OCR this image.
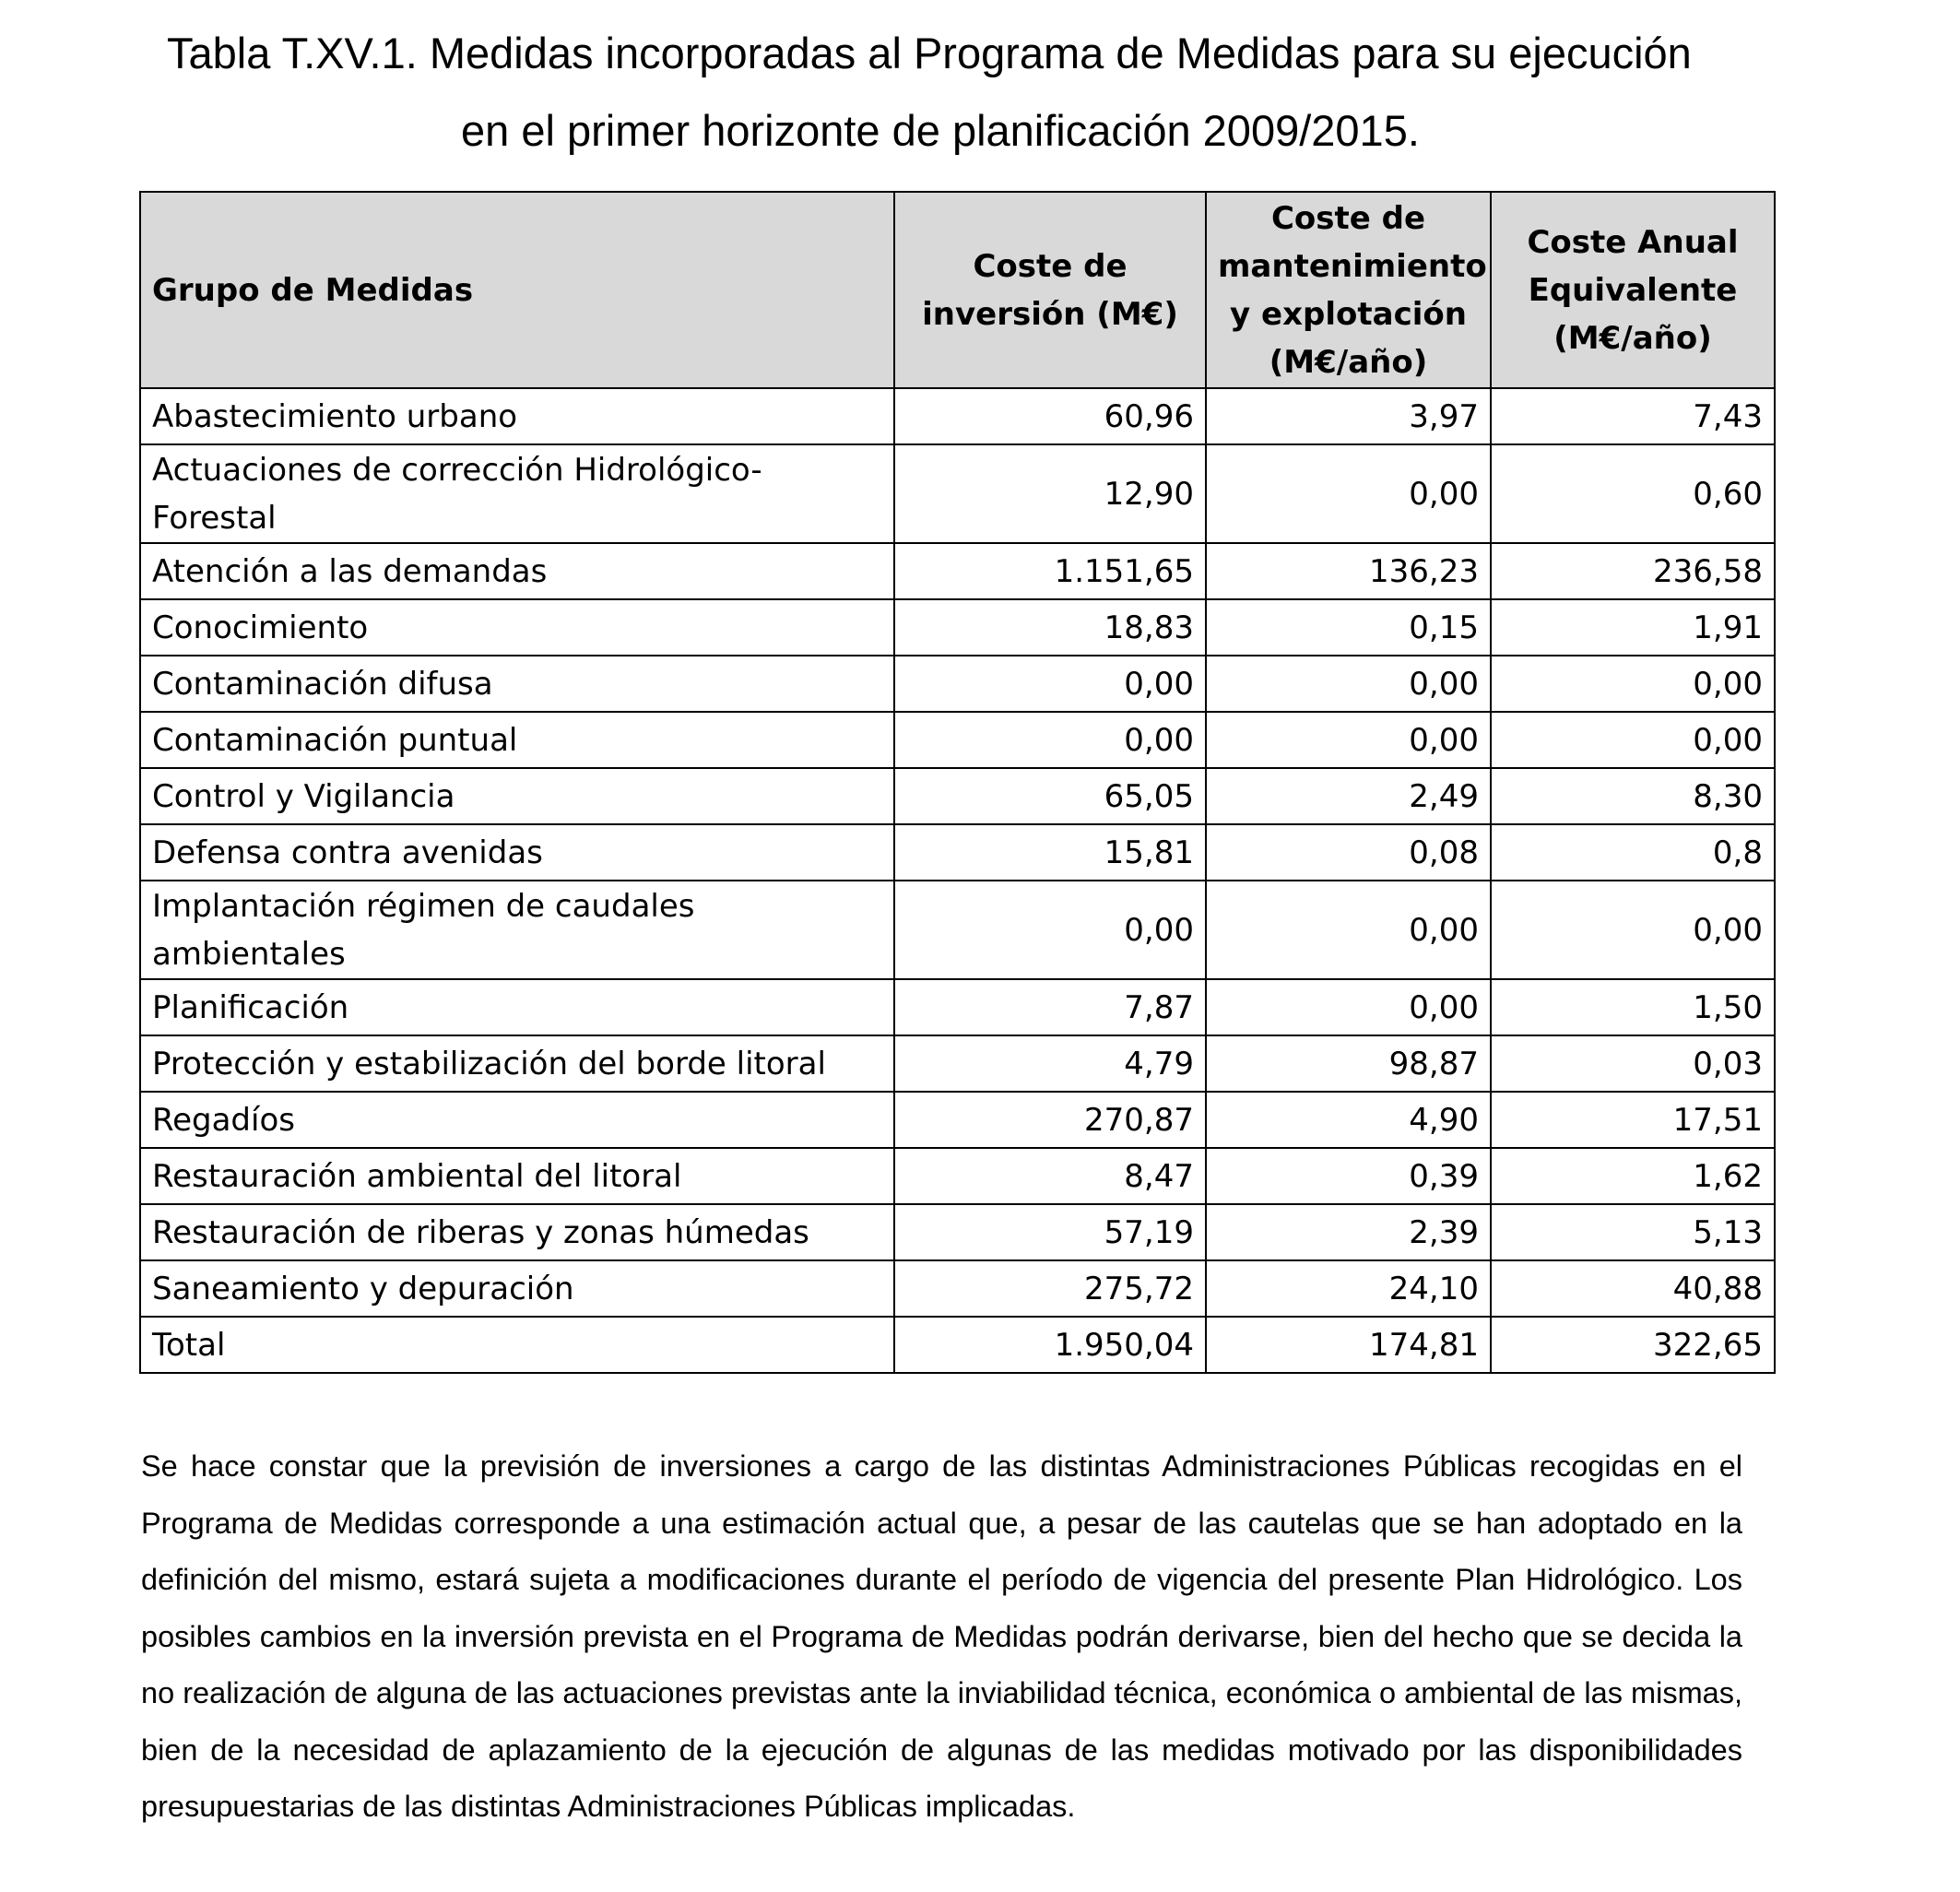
Tabla T.XV.1. Medidas incorporadas al Programa de Medidas para su ejecución
en el primer horizonte de planificación 2009/2015.
Grupo de Medidas	Coste de inversión (M€)	Coste de mantenimiento y explotación (M€/año)	Coste Anual Equivalente (M€/año)
Abastecimiento urbano	60,96	3,97	7,43
Actuaciones de corrección Hidrológico-Forestal	12,90	0,00	0,60
Atención a las demandas	1.151,65	136,23	236,58
Conocimiento	18,83	0,15	1,91
Contaminación difusa	0,00	0,00	0,00
Contaminación puntual	0,00	0,00	0,00
Control y Vigilancia	65,05	2,49	8,30
Defensa contra avenidas	15,81	0,08	0,8
Implantación régimen de caudales ambientales	0,00	0,00	0,00
Planificación	7,87	0,00	1,50
Protección y estabilización del borde litoral	4,79	98,87	0,03
Regadíos	270,87	4,90	17,51
Restauración ambiental del litoral	8,47	0,39	1,62
Restauración de riberas y zonas húmedas	57,19	2,39	5,13
Saneamiento y depuración	275,72	24,10	40,88
Total	1.950,04	174,81	322,65

Se hace constar que la previsión de inversiones a cargo de las distintas Administraciones Públicas recogidas en el Programa de Medidas corresponde a una estimación actual que, a pesar de las cautelas que se han adoptado en la definición del mismo, estará sujeta a modificaciones durante el período de vigencia del presente Plan Hidrológico. Los posibles cambios en la inversión prevista en el Programa de Medidas podrán derivarse, bien del hecho que se decida la no realización de alguna de las actuaciones previstas ante la inviabilidad técnica, económica o ambiental de las mismas, bien de la necesidad de aplazamiento de la ejecución de algunas de las medidas motivado por las disponibilidades presupuestarias de las distintas Administraciones Públicas implicadas.
